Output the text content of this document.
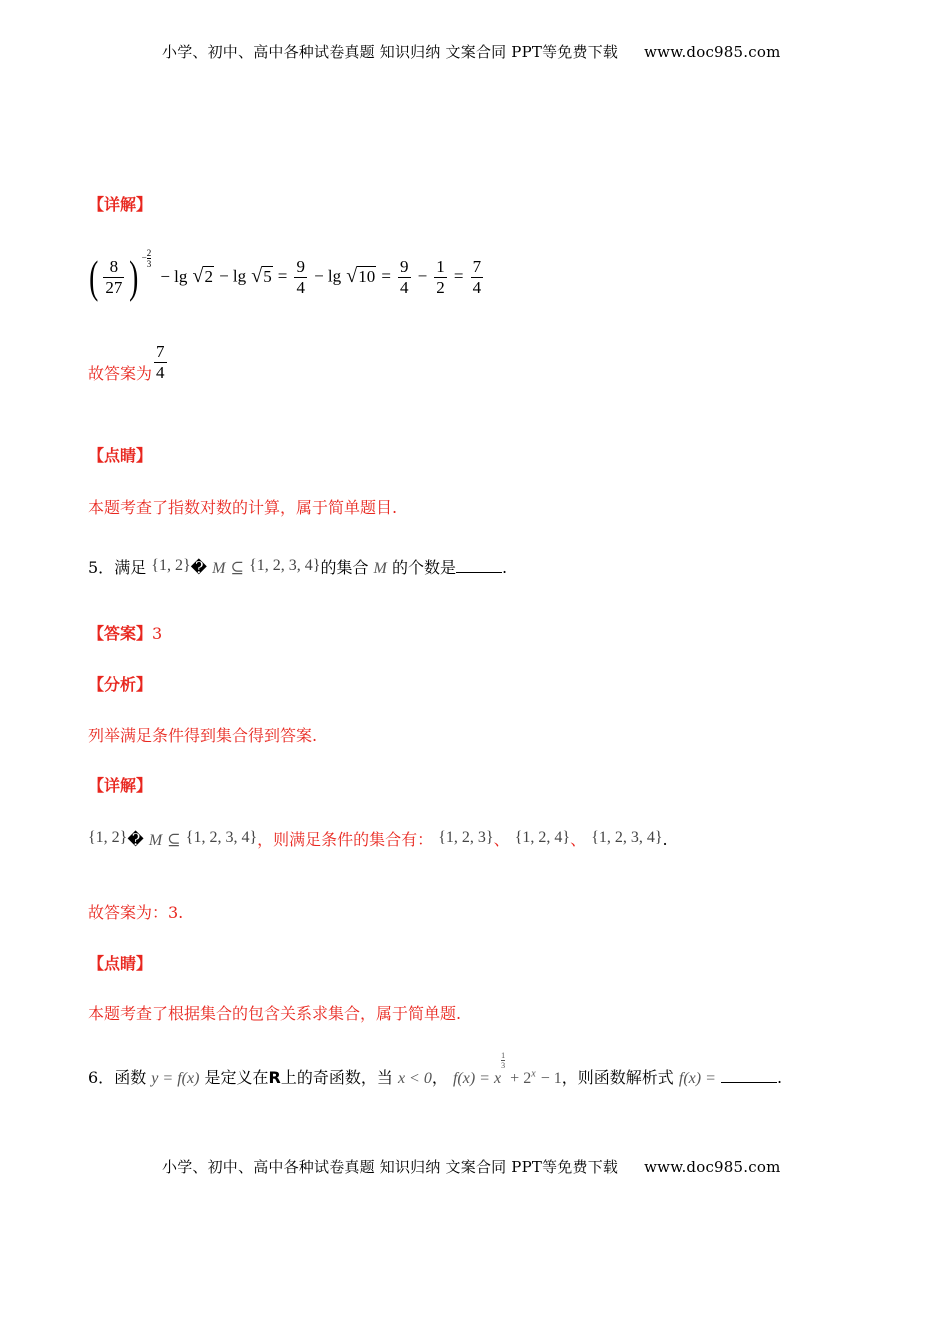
小学、初中、高中各种试卷真题 知识归纳 文案合同 PPT等免费下载 www.doc985.com
【详解】
( $\frac{8}{27}$ ) − $\frac{2}{3}$
− $\lg √2 - \lg √5 = \frac{9}{4} - \lg √10 = \frac{9}{4} - \frac{1}{2} = \frac{7}{4}$
故答案为 $\frac{7}{4}$
【点睛】
本题考查了指数对数的计算，属于简单题目.
5．满足 {1, 2}� M ⊆ {1, 2, 3, 4}的集合 M 的个数是	.
【答案】3
【分析】
列举满足条件得到集合得到答案.
【详解】
{1, 2}� M ⊆ {1, 2, 3, 4}，则满足条件的集合有： {1, 2, 3}、 {1, 2, 4}、 {1, 2, 3, 4}.
故答案为：3.
【点睛】
本题考查了根据集合的包含关系求集合，属于简单题.
6．函数 y = f(x) 是定义在R上的奇函数，当 x < 0， f(x) = x
$\frac{1}{3}$
+ $2^x - 1$，则函数解析式 f(x) =	.
小学、初中、高中各种试卷真题 知识归纳 文案合同 PPT等免费下载 www.doc985.com
